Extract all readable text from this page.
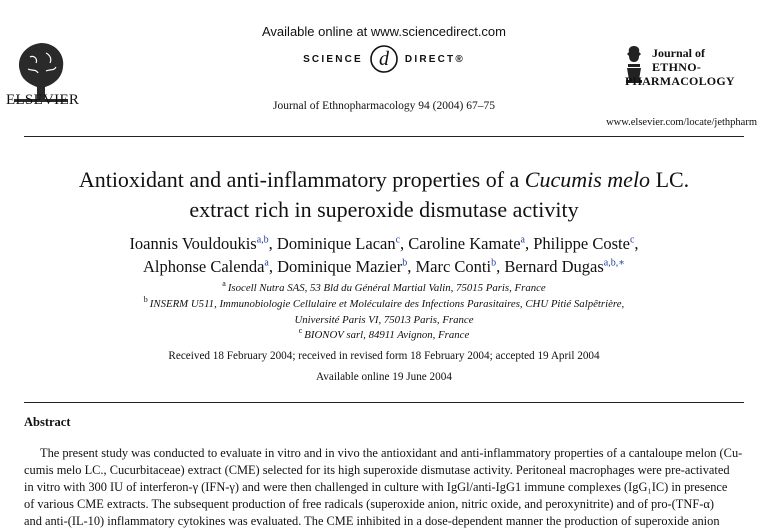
ELSEVIER
Available online at www.sciencedirect.com
SCIENCE d DIRECT®
Journal of Ethnopharmacology 94 (2004) 67–75
Journal of
ETHNO-
PHARMACOLOGY
www.elsevier.com/locate/jethpharm
Antioxidant and anti-inflammatory properties of a Cucumis melo LC.
extract rich in superoxide dismutase activity
Ioannis Vouldoukis$^{a,b}$, Dominique Lacan$^c$, Caroline Kamate$^a$, Philippe Coste$^c$,
Alphonse Calenda$^a$, Dominique Mazier$^b$, Marc Conti$^b$, Bernard Dugas$^{a,b,∗}$
$^a$ Isocell Nutra SAS, 53 Bld du Général Martial Valin, 75015 Paris, France
$^b$ INSERM U511, Immunobiologie Cellulaire et Moléculaire des Infections Parasitaires, CHU Pitié Salpêtrière,
Université Paris VI, 75013 Paris, France
$^c$ BIONOV sarl, 84911 Avignon, France
Received 18 February 2004; received in revised form 18 February 2004; accepted 19 April 2004
Available online 19 June 2004
Abstract
The present study was conducted to evaluate in vitro and in vivo the antioxidant and anti-inflammatory properties of a cantaloupe melon (Cu-
cumis melo LC., Cucurbitaceae) extract (CME) selected for its high superoxide dismutase activity. Peritoneal macrophages were pre-activated
in vitro with 300 IU of interferon-γ (IFN-γ) and were then challenged in culture with IgGl/anti-IgG1 immune complexes (IgG₁IC) in presence
of various CME extracts. The subsequent production of free radicals (superoxide anion, nitric oxide, and peroxynitrite) and of pro-(TNF-α)
and anti-(IL-10) inflammatory cytokines was evaluated. The CME inhibited in a dose-dependent manner the production of superoxide anion
